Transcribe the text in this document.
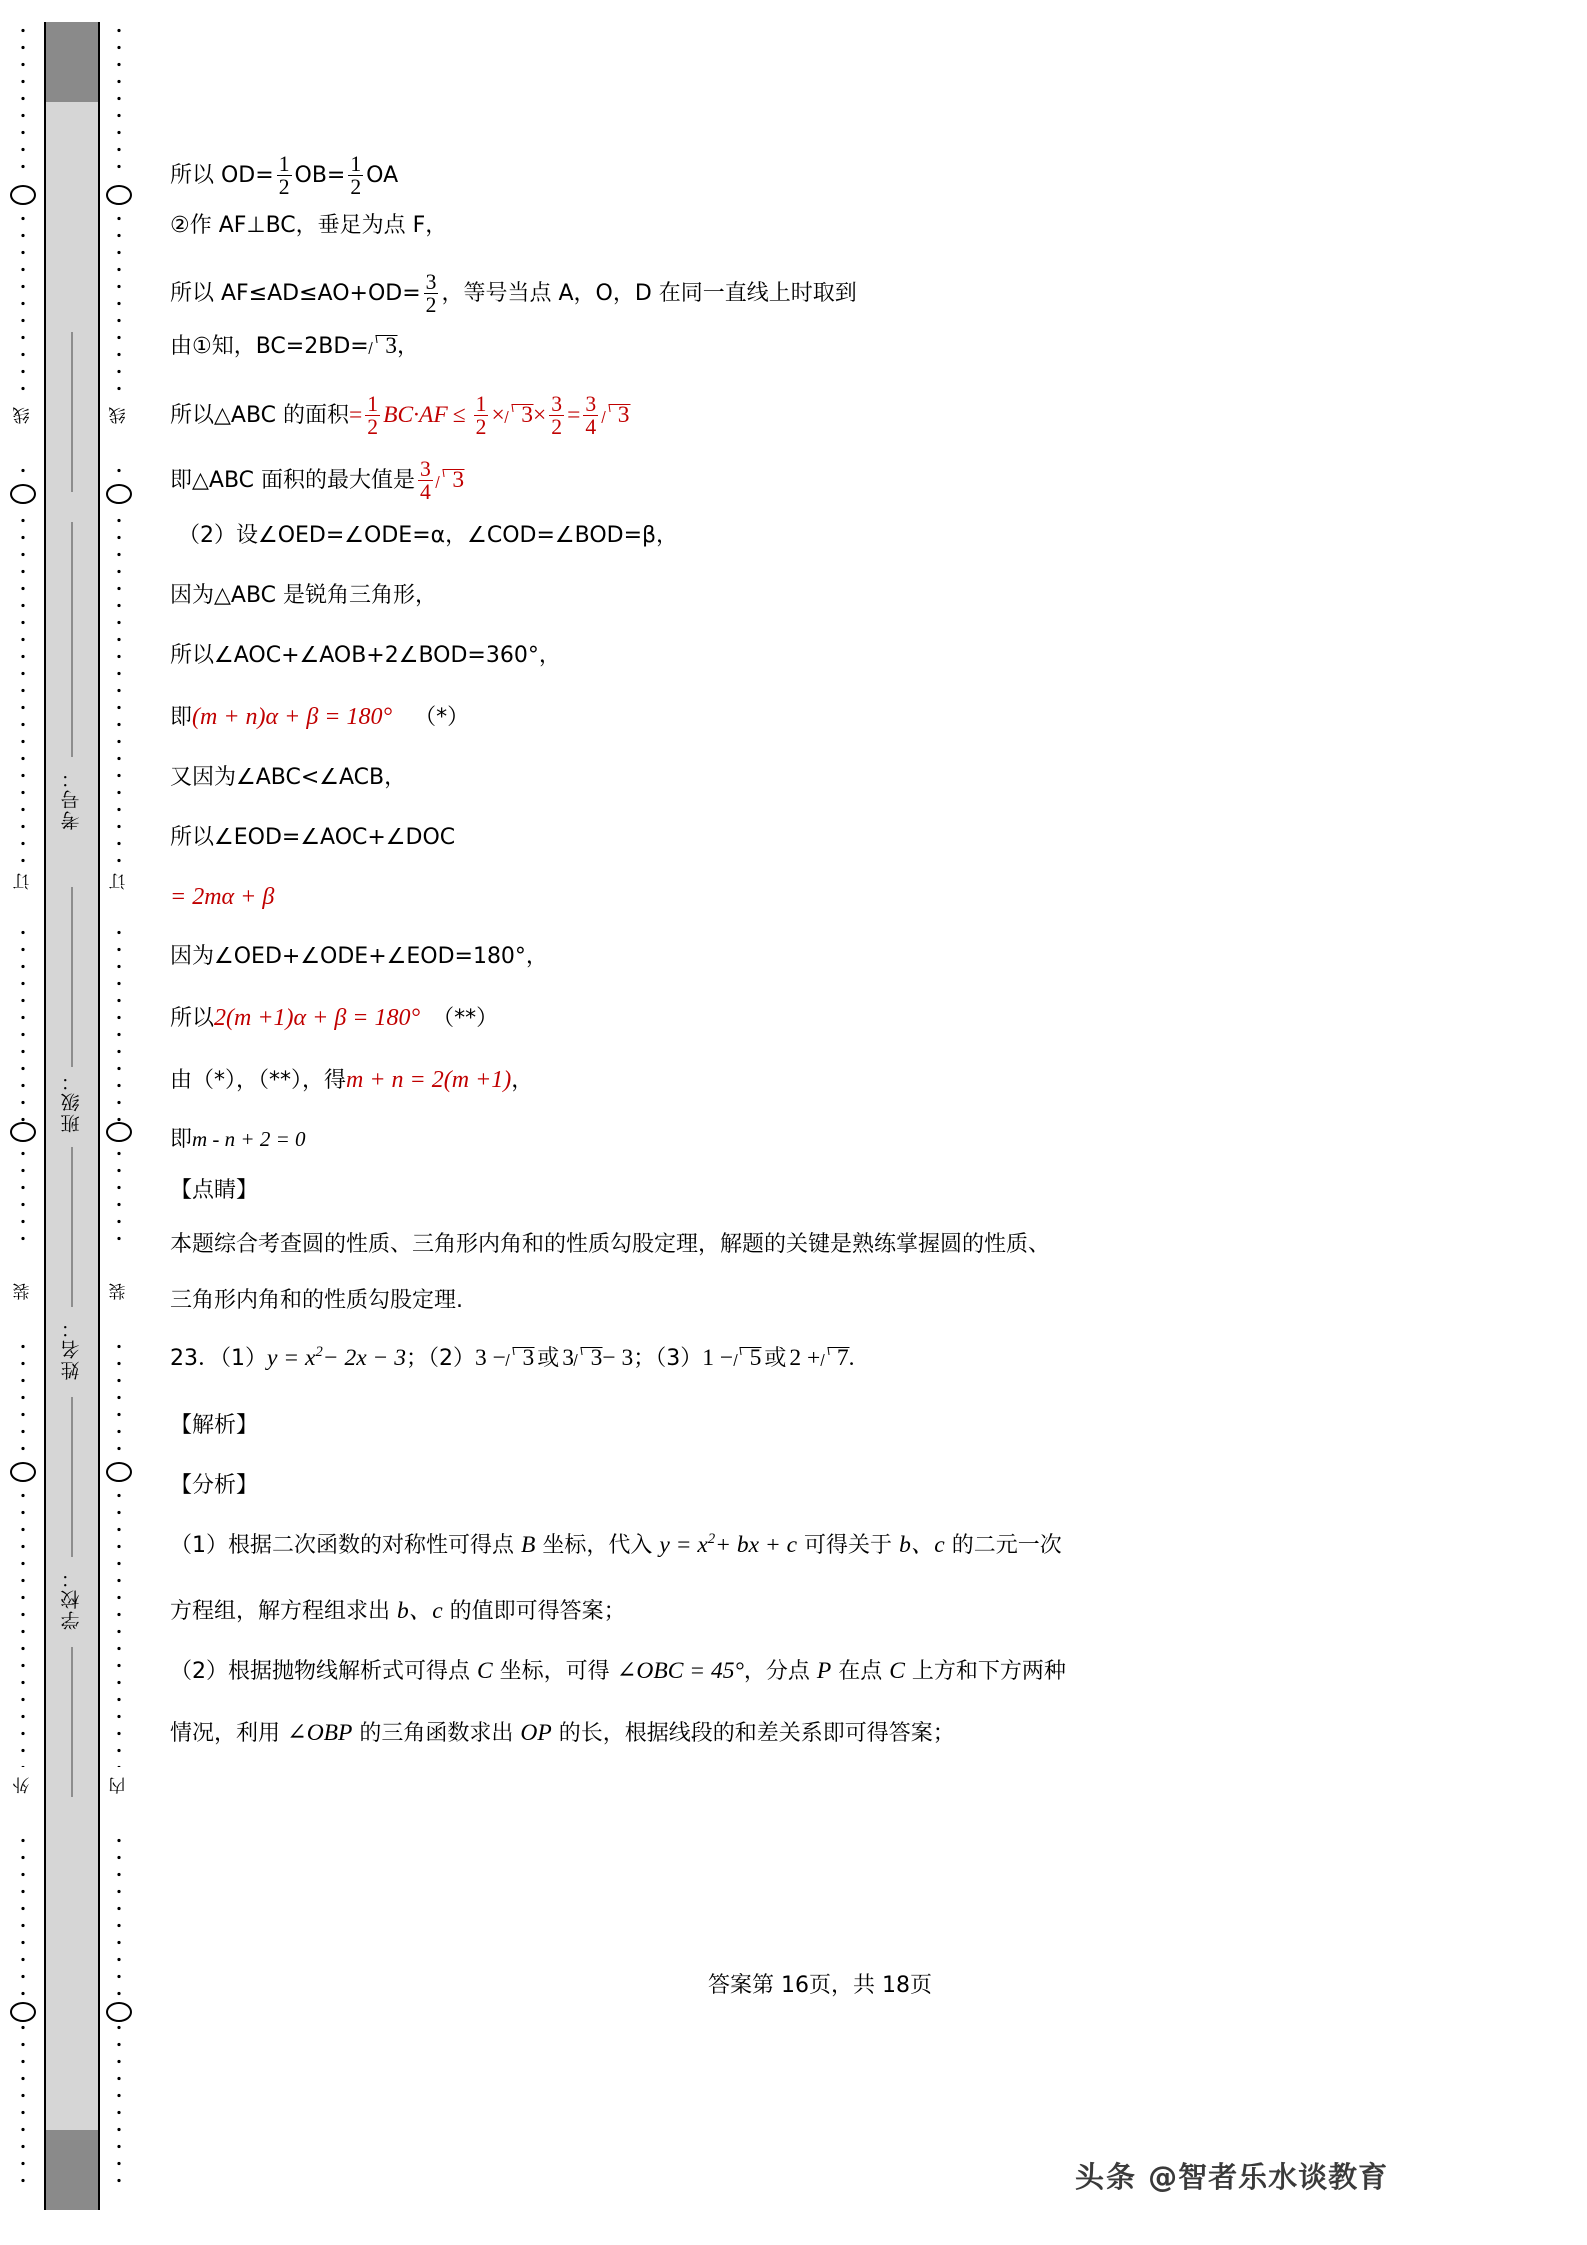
线
订
装
外
考号：
班级：
姓名：
学校：
线
订
装
内
所以 $OD= \frac{1}{2} OB= \frac{1}{2}$ OA
②作 AF⊥BC，垂足为点 F，
所以 $AF\le AD\le AO+OD= \frac{3}{2}$ ，等号当点 A，O，D 在同一直线上时取到
由①知，BC=2BD= 3，
所以△ABC 的面积= $\frac{1}{2} BC\cdot AF \le \frac{1}{2} \times 3\times \frac{3}{2} = \frac{3}{4} 3$
即△ABC 面积的最大值是 $\frac{3}{4} 3$
（2）设∠OED=∠ODE=α，∠COD=∠BOD=β，
因为△ABC 是锐角三角形，
所以∠AOC+∠AOB+2∠BOD=360°，
即(m + n)α + β = 180° （*）
又因为∠ABC<∠ACB，
所以∠EOD=∠AOC+∠DOC
= 2mα + β
因为∠OED+∠ODE+∠EOD=180°，
所以2(m +1)α + β = 180° （**）
由（*），（**），得m + n = 2(m +1)，
即m - n + 2 = 0
【点睛】
本题综合考查圆的性质、三角形内角和的性质勾股定理，解题的关键是熟练掌握圆的性质、
三角形内角和的性质勾股定理.
23．$(1)y = x^2- 2x - 3$；（2）3 − 3 或 3 3− 3；（3）1 − 5 或 2 + 7.
【解析】
【分析】
（1）根据二次函数的对称性可得点 B 坐标，代入 $y = x^2+$ bx + c 可得关于 b、c 的二元一次
方程组，解方程组求出 b、c 的值即可得答案；
（2）根据抛物线解析式可得点 C 坐标，可得 ∠OBC = 45°，分点 P 在点 C 上方和下方两种
情况，利用 ∠OBP 的三角函数求出 OP 的长，根据线段的和差关系即可得答案；
答案第 16页，共 18页
头条 @智者乐水谈教育
